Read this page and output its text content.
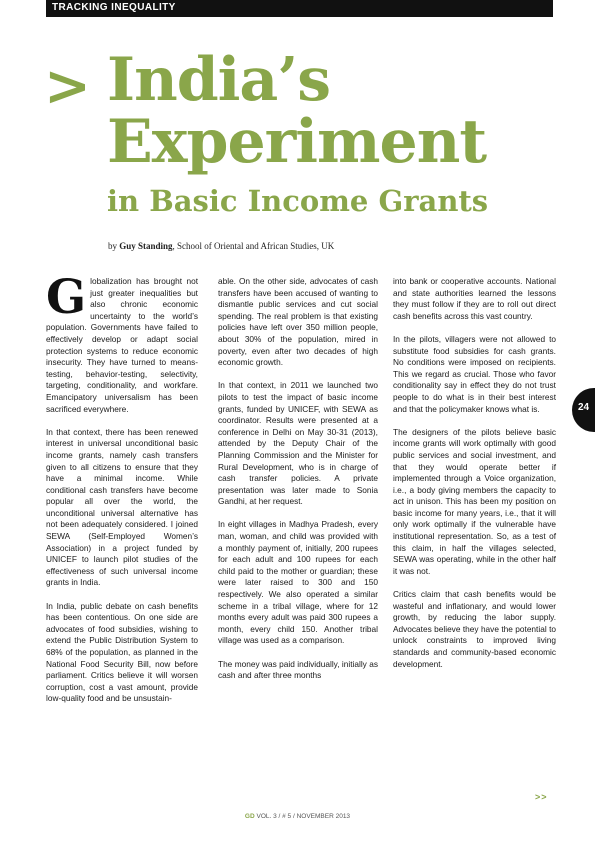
TRACKING INEQUALITY
> India’s
Experiment
in Basic Income Grants
by Guy Standing, School of Oriental and African Studies, UK

Globalization has brought not just greater inequalities but also chronic economic uncertainty to the world’s population. Governments have failed to effectively develop or adapt social protection systems to reduce economic insecurity. They have turned to means-testing, behavior-testing, selectivity, targeting, conditionality, and workfare. Emancipatory universalism has been sacrificed everywhere.

In that context, there has been renewed interest in universal unconditional basic income grants, namely cash transfers given to all citizens to ensure that they have a minimal income. While conditional cash transfers have become popular all over the world, the unconditional universal alternative has not been adequately considered. I joined SEWA (Self-Employed Women’s Association) in a project funded by UNICEF to launch pilot studies of the effectiveness of such universal income grants in India.

In India, public debate on cash benefits has been contentious. On one side are advocates of food subsidies, wishing to extend the Public Distribution System to 68% of the population, as planned in the National Food Security Bill, now before parliament. Critics believe it will worsen corruption, cost a vast amount, provide low-quality food and be unsustain-

able. On the other side, advocates of cash transfers have been accused of wanting to dismantle public services and cut social spending. The real problem is that existing policies have left over 350 million people, about 30% of the population, mired in poverty, even after two decades of high economic growth.

In that context, in 2011 we launched two pilots to test the impact of basic income grants, funded by UNICEF, with SEWA as coordinator. Results were presented at a conference in Delhi on May 30-31 (2013), attended by the Deputy Chair of the Planning Commission and the Minister for Rural Development, who is in charge of cash transfer policies. A private presentation was later made to Sonia Gandhi, at her request.

In eight villages in Madhya Pradesh, every man, woman, and child was provided with a monthly payment of, initially, 200 rupees for each adult and 100 rupees for each child paid to the mother or guardian; these were later raised to 300 and 150 respectively. We also operated a similar scheme in a tribal village, where for 12 months every adult was paid 300 rupees a month, every child 150. Another tribal village was used as a comparison.

The money was paid individually, initially as cash and after three months

into bank or cooperative accounts. National and state authorities learned the lessons they must follow if they are to roll out direct cash benefits across this vast country.

In the pilots, villagers were not allowed to substitute food subsidies for cash grants. No conditions were imposed on recipients. This we regard as crucial. Those who favor conditionality say in effect they do not trust people to do what is in their best interest and that the policymaker knows what is.

The designers of the pilots believe basic income grants will work optimally with good public services and social investment, and that they would operate better if implemented through a Voice organization, i.e., a body giving members the capacity to act in unison. This has been my position on basic income for many years, i.e., that it will only work optimally if the vulnerable have institutional representation. So, as a test of this claim, in half the villages selected, SEWA was operating, while in the other half it was not.

Critics claim that cash benefits would be wasteful and inflationary, and would lower growth, by reducing the labor supply. Advocates believe they have the potential to unlock constraints to improved living standards and community-based economic development.

24
>>
GD VOL. 3 / # 5 / NOVEMBER 2013
